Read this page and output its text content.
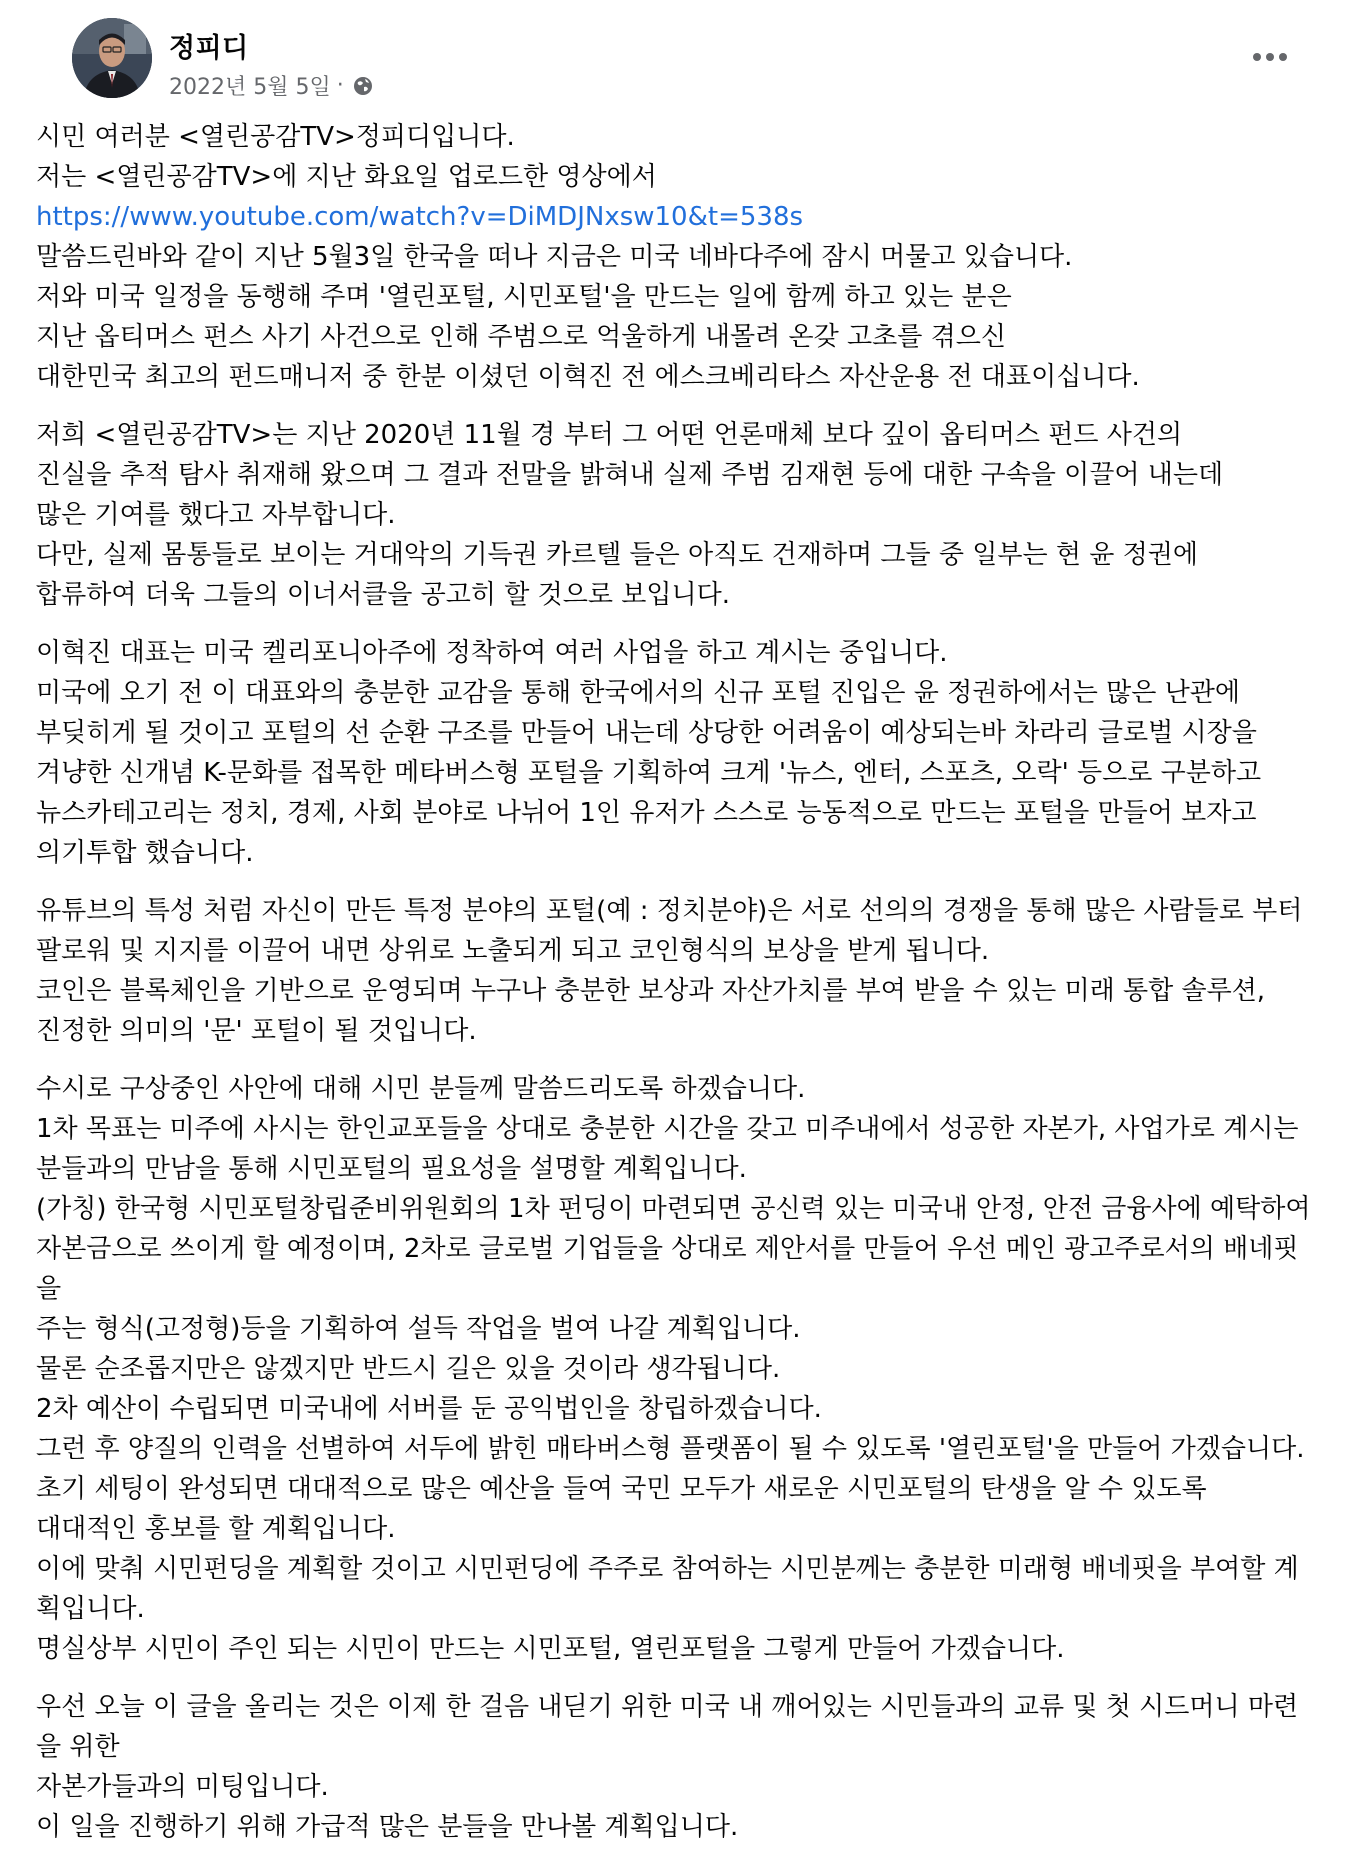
정피디
2022년 5월 5일 ·
시민 여러분 <열린공감TV>정피디입니다.
저는 <열린공감TV>에 지난 화요일 업로드한 영상에서
https://www.youtube.com/watch?v=DiMDJNxsw10&t=538s
말씀드린바와 같이 지난 5월3일 한국을 떠나 지금은 미국 네바다주에 잠시 머물고 있습니다.
저와 미국 일정을 동행해 주며 '열린포털, 시민포털'을 만드는 일에 함께 하고 있는 분은
지난 옵티머스 펀스 사기 사건으로 인해 주범으로 억울하게 내몰려 온갖 고초를 겪으신
대한민국 최고의 펀드매니저 중 한분 이셨던 이혁진 전 에스크베리타스 자산운용 전 대표이십니다.
저희 <열린공감TV>는 지난 2020년 11월 경 부터 그 어떤 언론매체 보다 깊이 옵티머스 펀드 사건의
진실을 추적 탐사 취재해 왔으며 그 결과 전말을 밝혀내 실제 주범 김재현 등에 대한 구속을 이끌어 내는데
많은 기여를 했다고 자부합니다.
다만, 실제 몸통들로 보이는 거대악의 기득권 카르텔 들은 아직도 건재하며 그들 중 일부는 현 윤 정권에
합류하여 더욱 그들의 이너서클을 공고히 할 것으로 보입니다.
이혁진 대표는 미국 켈리포니아주에 정착하여 여러 사업을 하고 계시는 중입니다.
미국에 오기 전 이 대표와의 충분한 교감을 통해 한국에서의 신규 포털 진입은 윤 정권하에서는 많은 난관에
부딪히게 될 것이고 포털의 선 순환 구조를 만들어 내는데 상당한 어려움이 예상되는바 차라리 글로벌 시장을
겨냥한 신개념 K-문화를 접목한 메타버스형 포털을 기획하여 크게 '뉴스, 엔터, 스포츠, 오락' 등으로 구분하고
뉴스카테고리는 정치, 경제, 사회 분야로 나뉘어 1인 유저가 스스로 능동적으로 만드는 포털을 만들어 보자고
의기투합 했습니다.
유튜브의 특성 처럼 자신이 만든 특정 분야의 포털(예 : 정치분야)은 서로 선의의 경쟁을 통해 많은 사람들로 부터
팔로워 및 지지를 이끌어 내면 상위로 노출되게 되고 코인형식의 보상을 받게 됩니다.
코인은 블록체인을 기반으로 운영되며 누구나 충분한 보상과 자산가치를 부여 받을 수 있는 미래 통합 솔루션,
진정한 의미의 '문' 포털이 될 것입니다.
수시로 구상중인 사안에 대해 시민 분들께 말씀드리도록 하겠습니다.
1차 목표는 미주에 사시는 한인교포들을 상대로 충분한 시간을 갖고 미주내에서 성공한 자본가, 사업가로 계시는
분들과의 만남을 통해 시민포털의 필요성을 설명할 계획입니다.
(가칭) 한국형 시민포털창립준비위원회의 1차 펀딩이 마련되면 공신력 있는 미국내 안정, 안전 금융사에 예탁하여
자본금으로 쓰이게 할 예정이며, 2차로 글로벌 기업들을 상대로 제안서를 만들어 우선 메인 광고주로서의 배네핏
을
주는 형식(고정형)등을 기획하여 설득 작업을 벌여 나갈 계획입니다.
물론 순조롭지만은 않겠지만 반드시 길은 있을 것이라 생각됩니다.
2차 예산이 수립되면 미국내에 서버를 둔 공익법인을 창립하겠습니다.
그런 후 양질의 인력을 선별하여 서두에 밝힌 매타버스형 플랫폼이 될 수 있도록 '열린포털'을 만들어 가겠습니다.
초기 세팅이 완성되면 대대적으로 많은 예산을 들여 국민 모두가 새로운 시민포털의 탄생을 알 수 있도록
대대적인 홍보를 할 계획입니다.
이에 맞춰 시민펀딩을 계획할 것이고 시민펀딩에 주주로 참여하는 시민분께는 충분한 미래형 배네핏을 부여할 계
획입니다.
명실상부 시민이 주인 되는 시민이 만드는 시민포털, 열린포털을 그렇게 만들어 가겠습니다.
우선 오늘 이 글을 올리는 것은 이제 한 걸음 내딛기 위한 미국 내 깨어있는 시민들과의 교류 및 첫 시드머니 마련
을 위한
자본가들과의 미팅입니다.
이 일을 진행하기 위해 가급적 많은 분들을 만나볼 계획입니다.
